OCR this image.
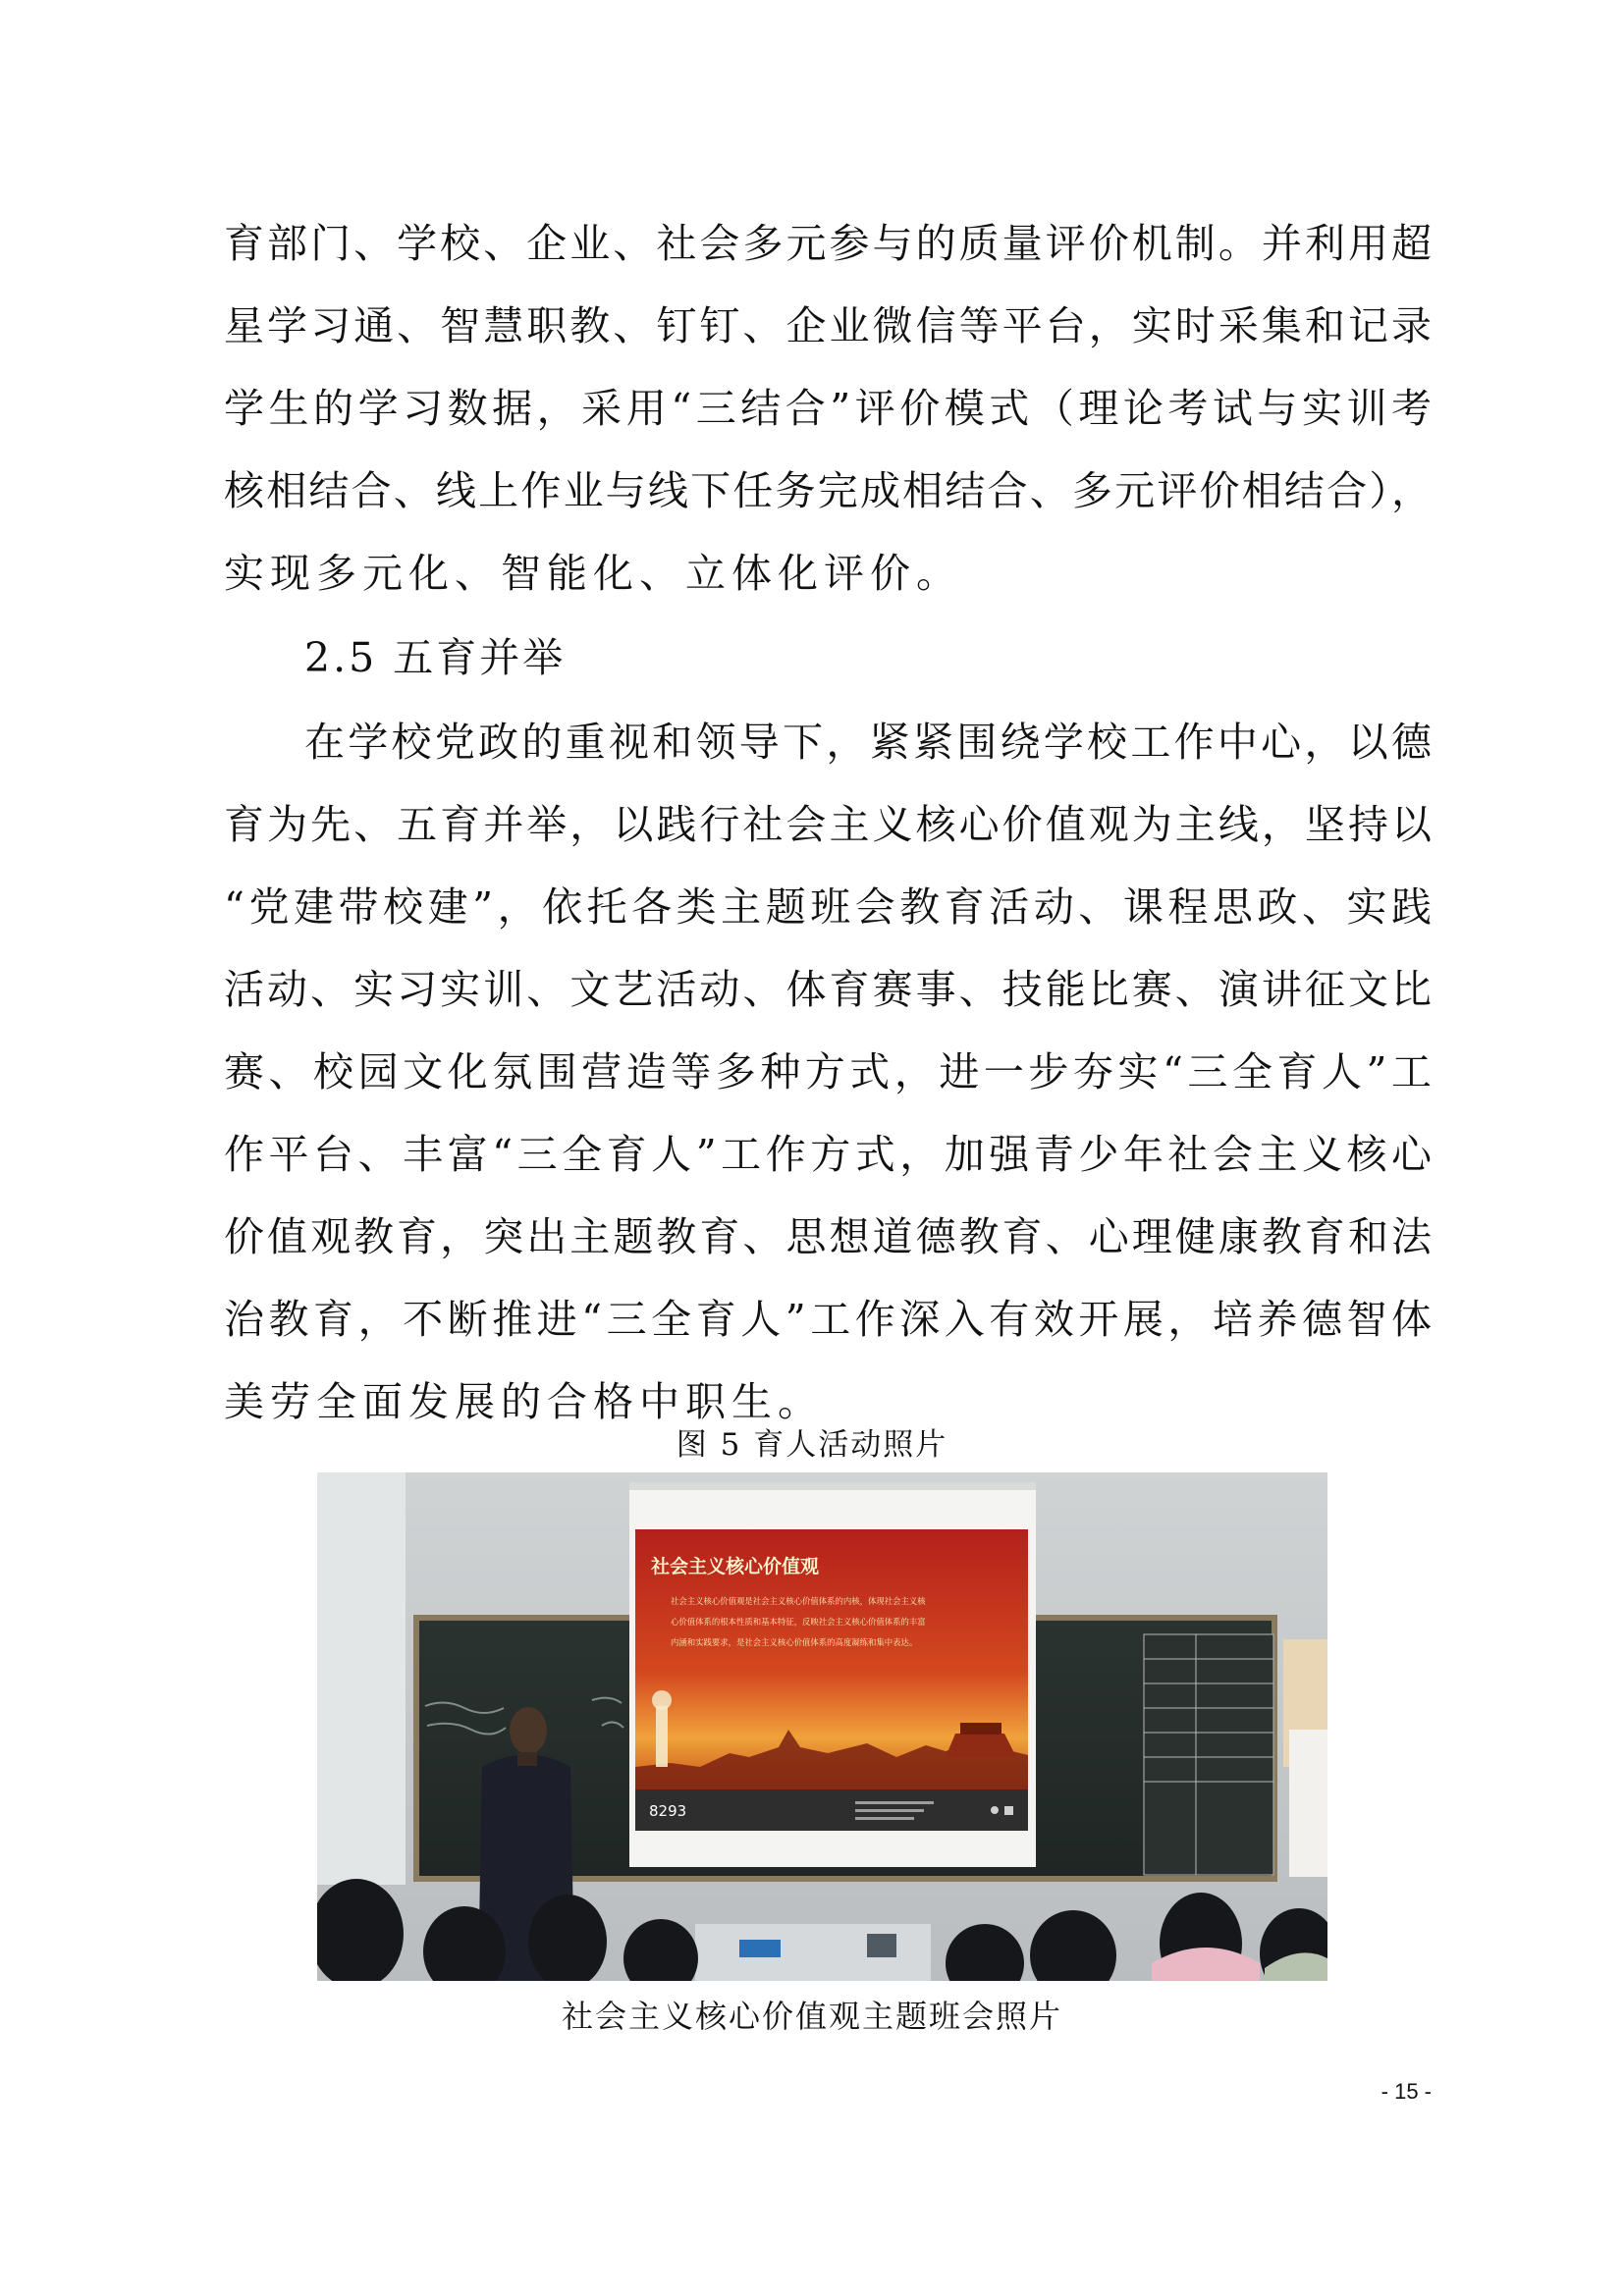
育部门、学校、企业、社会多元参与的质量评价机制。并利用超
星学习通、智慧职教、钉钉、企业微信等平台，实时采集和记录
学生的学习数据，采用“三结合”评价模式（理论考试与实训考
核相结合、线上作业与线下任务完成相结合、多元评价相结合），
实现多元化、智能化、立体化评价。
2.5 五育并举
在学校党政的重视和领导下，紧紧围绕学校工作中心，以德
育为先、五育并举，以践行社会主义核心价值观为主线，坚持以
“党建带校建”，依托各类主题班会教育活动、课程思政、实践
活动、实习实训、文艺活动、体育赛事、技能比赛、演讲征文比
赛、校园文化氛围营造等多种方式，进一步夯实“三全育人”工
作平台、丰富“三全育人”工作方式，加强青少年社会主义核心
价值观教育，突出主题教育、思想道德教育、心理健康教育和法
治教育，不断推进“三全育人”工作深入有效开展，培养德智体
美劳全面发展的合格中职生。
图 5 育人活动照片
社会主义核心价值观
社会主义核心价值观是社会主义核心价值体系的内核，体现社会主义核
心价值体系的根本性质和基本特征，反映社会主义核心价值体系的丰富
内涵和实践要求，是社会主义核心价值体系的高度凝练和集中表达。
8293
社会主义核心价值观主题班会照片
- 15 -
